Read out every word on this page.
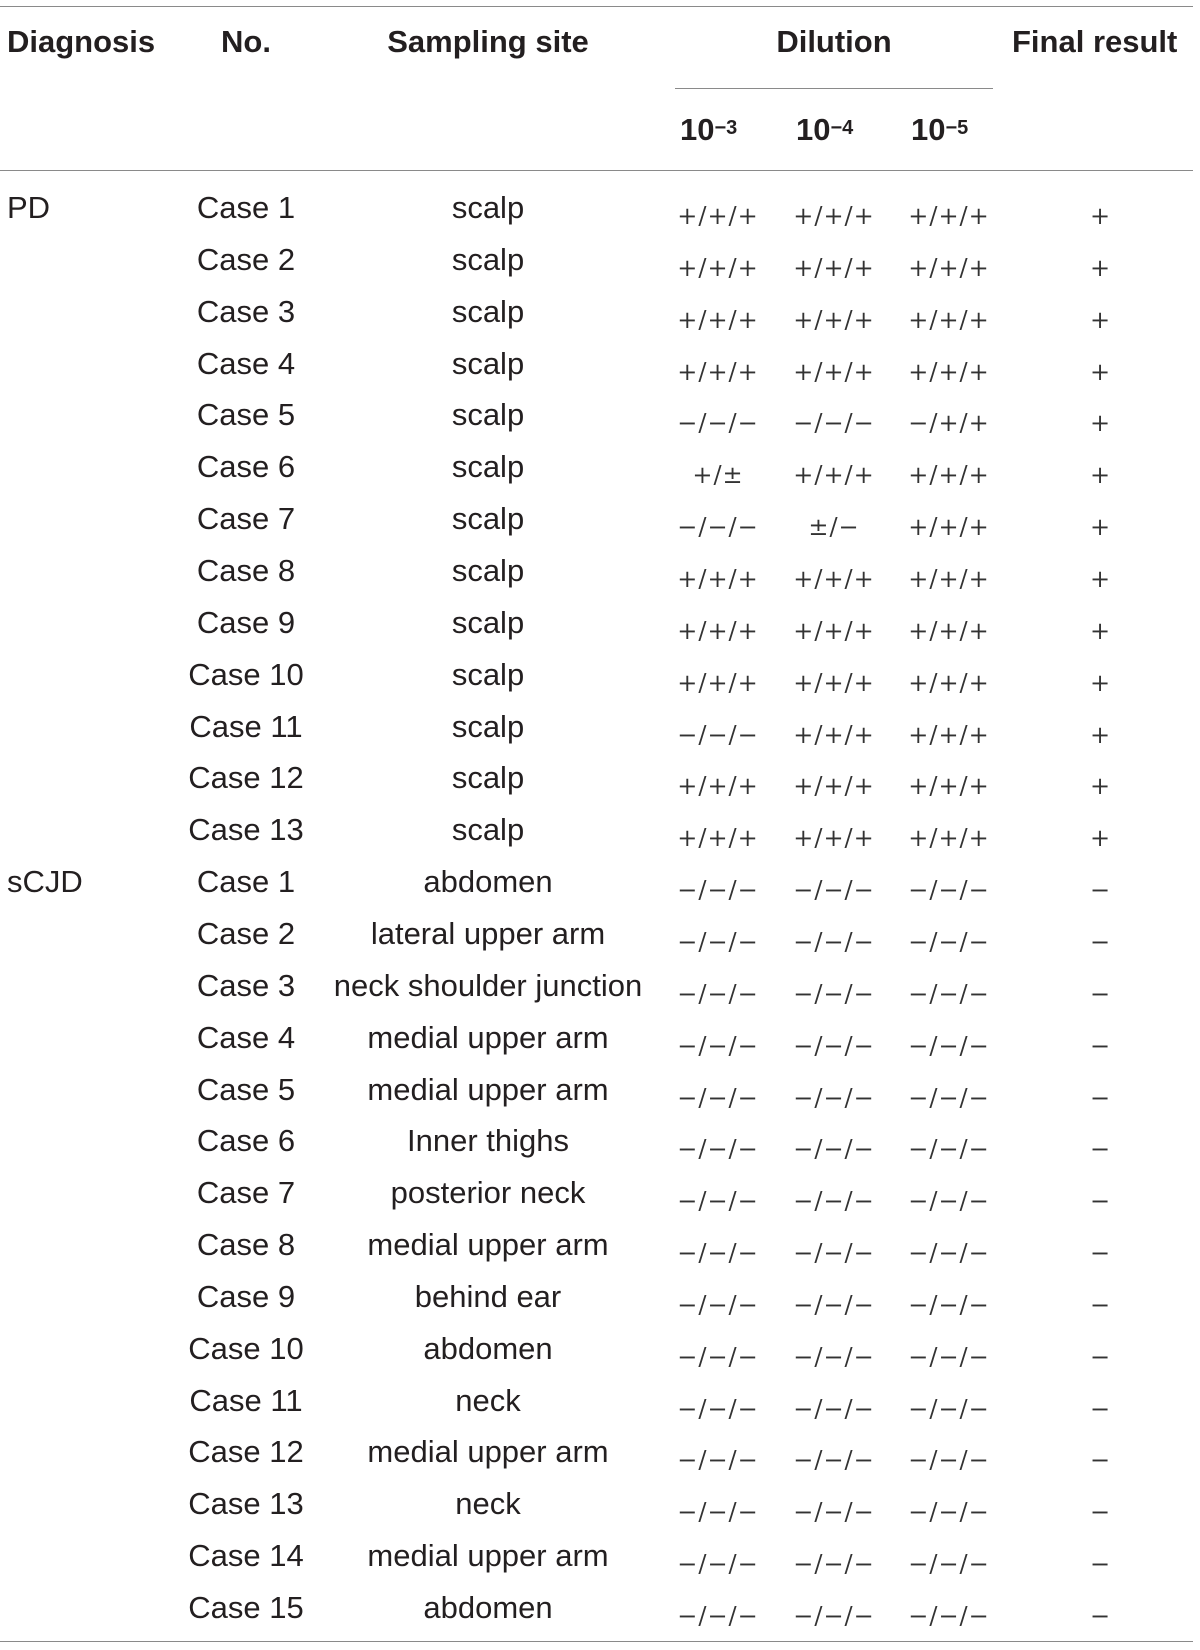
Diagnosis	No.	Sampling site	Dilution	Final result
$10^{-3}$ $10^{-4}$ $10^{-5}$
PD	Case 1	scalp	+/+/+	+/+/+	+/+/+	+
Case 2	scalp	+/+/+	+/+/+	+/+/+	+
Case 3	scalp	+/+/+	+/+/+	+/+/+	+
Case 4	scalp	+/+/+	+/+/+	+/+/+	+
Case 5	scalp	−/−/−	−/−/−	−/+/+	+
Case 6	scalp	+/±	+/+/+	+/+/+	+
Case 7	scalp	−/−/−	±/−	+/+/+	+
Case 8	scalp	+/+/+	+/+/+	+/+/+	+
Case 9	scalp	+/+/+	+/+/+	+/+/+	+
Case 10	scalp	+/+/+	+/+/+	+/+/+	+
Case 11	scalp	−/−/−	+/+/+	+/+/+	+
Case 12	scalp	+/+/+	+/+/+	+/+/+	+
Case 13	scalp	+/+/+	+/+/+	+/+/+	+
sCJD	Case 1	abdomen	−/−/−	−/−/−	−/−/−	−
Case 2	lateral upper arm	−/−/−	−/−/−	−/−/−	−
Case 3	neck shoulder junction	−/−/−	−/−/−	−/−/−	−
Case 4	medial upper arm	−/−/−	−/−/−	−/−/−	−
Case 5	medial upper arm	−/−/−	−/−/−	−/−/−	−
Case 6	Inner thighs	−/−/−	−/−/−	−/−/−	−
Case 7	posterior neck	−/−/−	−/−/−	−/−/−	−
Case 8	medial upper arm	−/−/−	−/−/−	−/−/−	−
Case 9	behind ear	−/−/−	−/−/−	−/−/−	−
Case 10	abdomen	−/−/−	−/−/−	−/−/−	−
Case 11	neck	−/−/−	−/−/−	−/−/−	−
Case 12	medial upper arm	−/−/−	−/−/−	−/−/−	−
Case 13	neck	−/−/−	−/−/−	−/−/−	−
Case 14	medial upper arm	−/−/−	−/−/−	−/−/−	−
Case 15	abdomen	−/−/−	−/−/−	−/−/−	−
